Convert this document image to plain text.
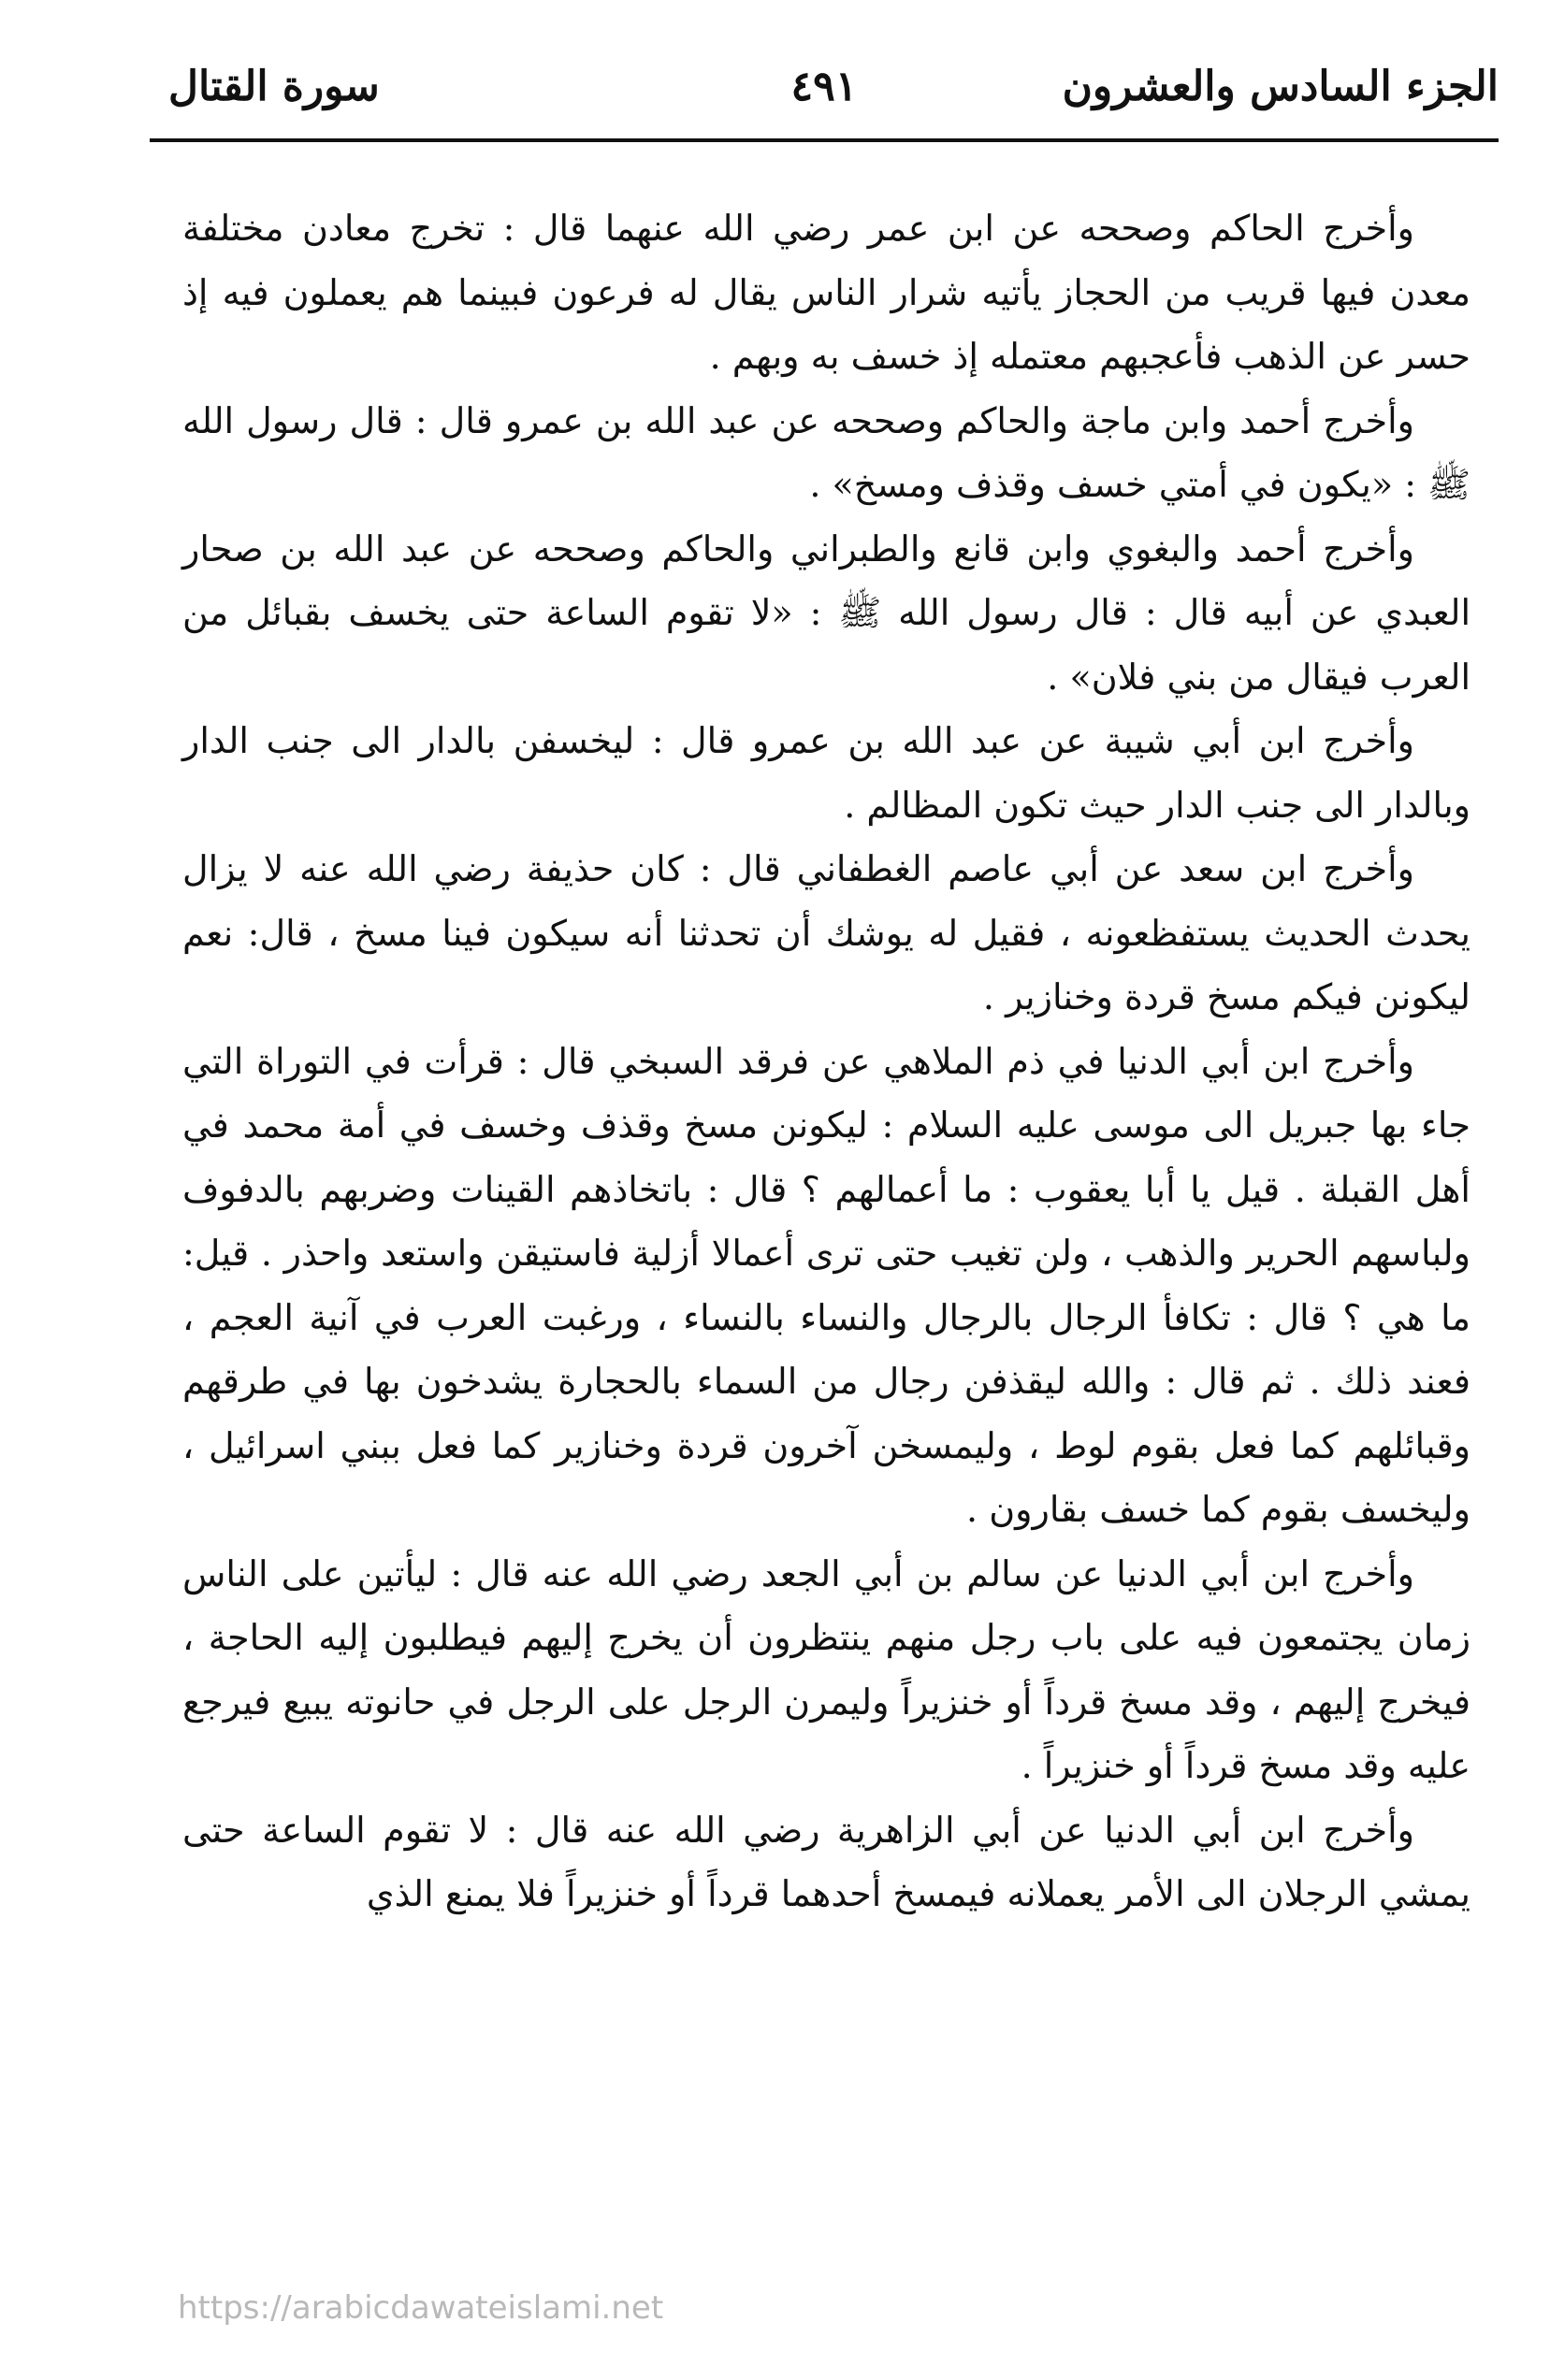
الجزء السادس والعشرون
٤٩١
سورة القتال

وأخرج الحاكم وصححه عن ابن عمر رضي الله عنهما قال : تخرج معادن مختلفة معدن فيها قريب من الحجاز يأتيه شرار الناس يقال له فرعون فبينما هم يعملون فيه إذ حسر عن الذهب فأعجبهم معتمله إذ خسف به وبهم .

وأخرج أحمد وابن ماجة والحاكم وصححه عن عبد الله بن عمرو قال : قال رسول الله ﷺ : «يكون في أمتي خسف وقذف ومسخ» .

وأخرج أحمد والبغوي وابن قانع والطبراني والحاكم وصححه عن عبد الله بن صحار العبدي عن أبيه قال : قال رسول الله ﷺ : «لا تقوم الساعة حتى يخسف بقبائل من العرب فيقال من بني فلان» .

وأخرج ابن أبي شيبة عن عبد الله بن عمرو قال : ليخسفن بالدار الى جنب الدار وبالدار الى جنب الدار حيث تكون المظالم .

وأخرج ابن سعد عن أبي عاصم الغطفاني قال : كان حذيفة رضي الله عنه لا يزال يحدث الحديث يستفظعونه ، فقيل له يوشك أن تحدثنا أنه سيكون فينا مسخ ، قال: نعم ليكونن فيكم مسخ قردة وخنازير .

وأخرج ابن أبي الدنيا في ذم الملاهي عن فرقد السبخي قال : قرأت في التوراة التي جاء بها جبريل الى موسى عليه السلام : ليكونن مسخ وقذف وخسف في أمة محمد في أهل القبلة . قيل يا أبا يعقوب : ما أعمالهم ؟ قال : باتخاذهم القينات وضربهم بالدفوف ولباسهم الحرير والذهب ، ولن تغيب حتى ترى أعمالا أزلية فاستيقن واستعد واحذر . قيل: ما هي ؟ قال : تكافأ الرجال بالرجال والنساء بالنساء ، ورغبت العرب في آنية العجم ، فعند ذلك . ثم قال : والله ليقذفن رجال من السماء بالحجارة يشدخون بها في طرقهم وقبائلهم كما فعل بقوم لوط ، وليمسخن آخرون قردة وخنازير كما فعل ببني اسرائيل ، وليخسف بقوم كما خسف بقارون .

وأخرج ابن أبي الدنيا عن سالم بن أبي الجعد رضي الله عنه قال : ليأتين على الناس زمان يجتمعون فيه على باب رجل منهم ينتظرون أن يخرج إليهم فيطلبون إليه الحاجة ، فيخرج إليهم ، وقد مسخ قرداً أو خنزيراً وليمرن الرجل على الرجل في حانوته يبيع فيرجع عليه وقد مسخ قرداً أو خنزيراً .

وأخرج ابن أبي الدنيا عن أبي الزاهرية رضي الله عنه قال : لا تقوم الساعة حتى يمشي الرجلان الى الأمر يعملانه فيمسخ أحدهما قرداً أو خنزيراً فلا يمنع الذي

https://arabicdawateislami.net
